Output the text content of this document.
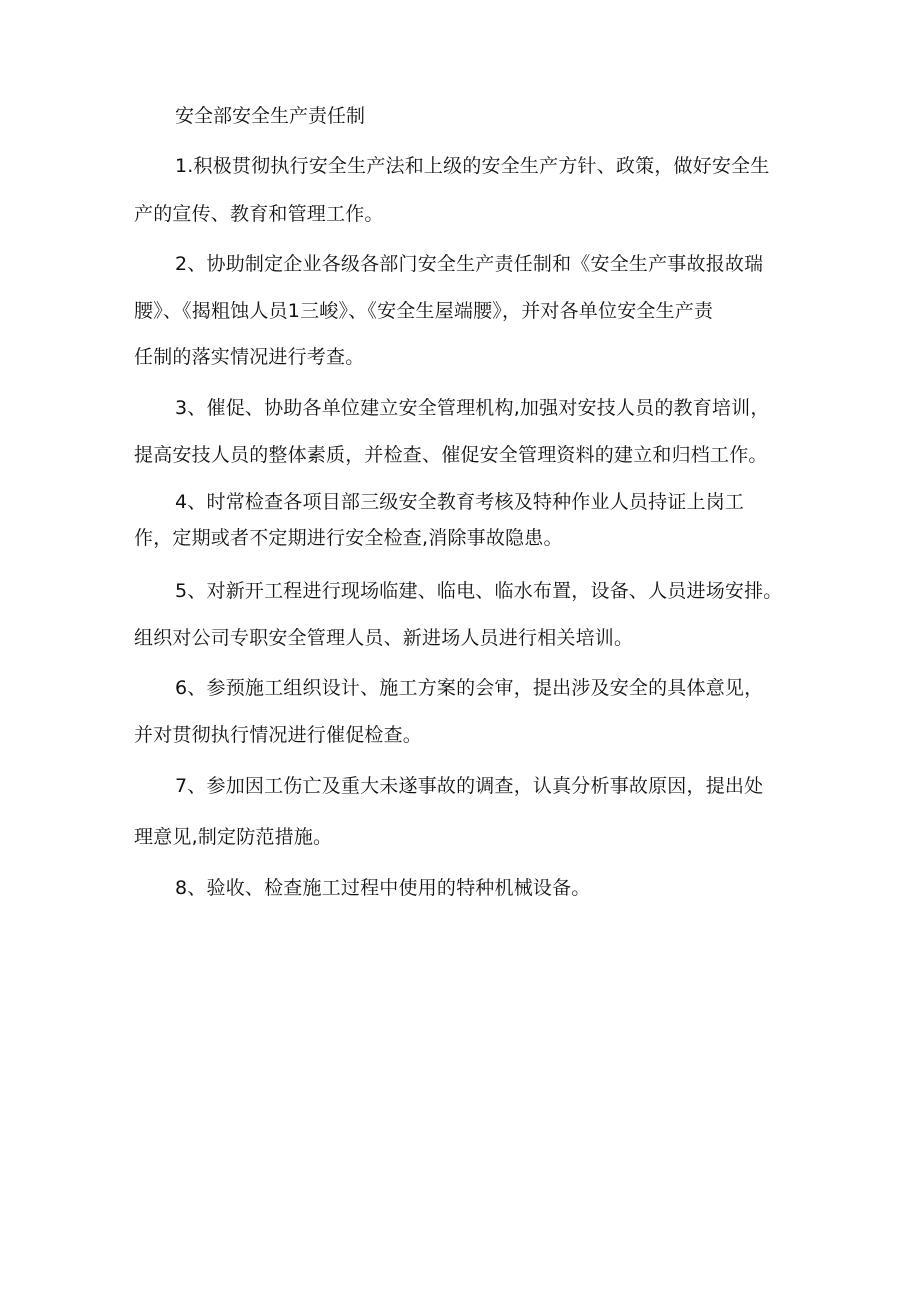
安全部安全生产责任制
1.积极贯彻执行安全生产法和上级的安全生产方针、政策，做好安全生
产的宣传、教育和管理工作。
2、协助制定企业各级各部门安全生产责任制和《安全生产事故报故瑞
腰》、《揭粗蚀人员1三峻》、《安全生屋端腰》，并对各单位安全生产责
任制的落实情况进行考查。
3、催促、协助各单位建立安全管理机构,加强对安技人员的教育培训，
提高安技人员的整体素质，并检查、催促安全管理资料的建立和归档工作。
4、时常检查各项目部三级安全教育考核及特种作业人员持证上岗工
作，定期或者不定期进行安全检查,消除事故隐患。
5、对新开工程进行现场临建、临电、临水布置，设备、人员进场安排。
组织对公司专职安全管理人员、新进场人员进行相关培训。
6、参预施工组织设计、施工方案的会审，提出涉及安全的具体意见，
并对贯彻执行情况进行催促检查。
7、参加因工伤亡及重大未遂事故的调查，认真分析事故原因，提出处
理意见,制定防范措施。
8、验收、检查施工过程中使用的特种机械设备。
